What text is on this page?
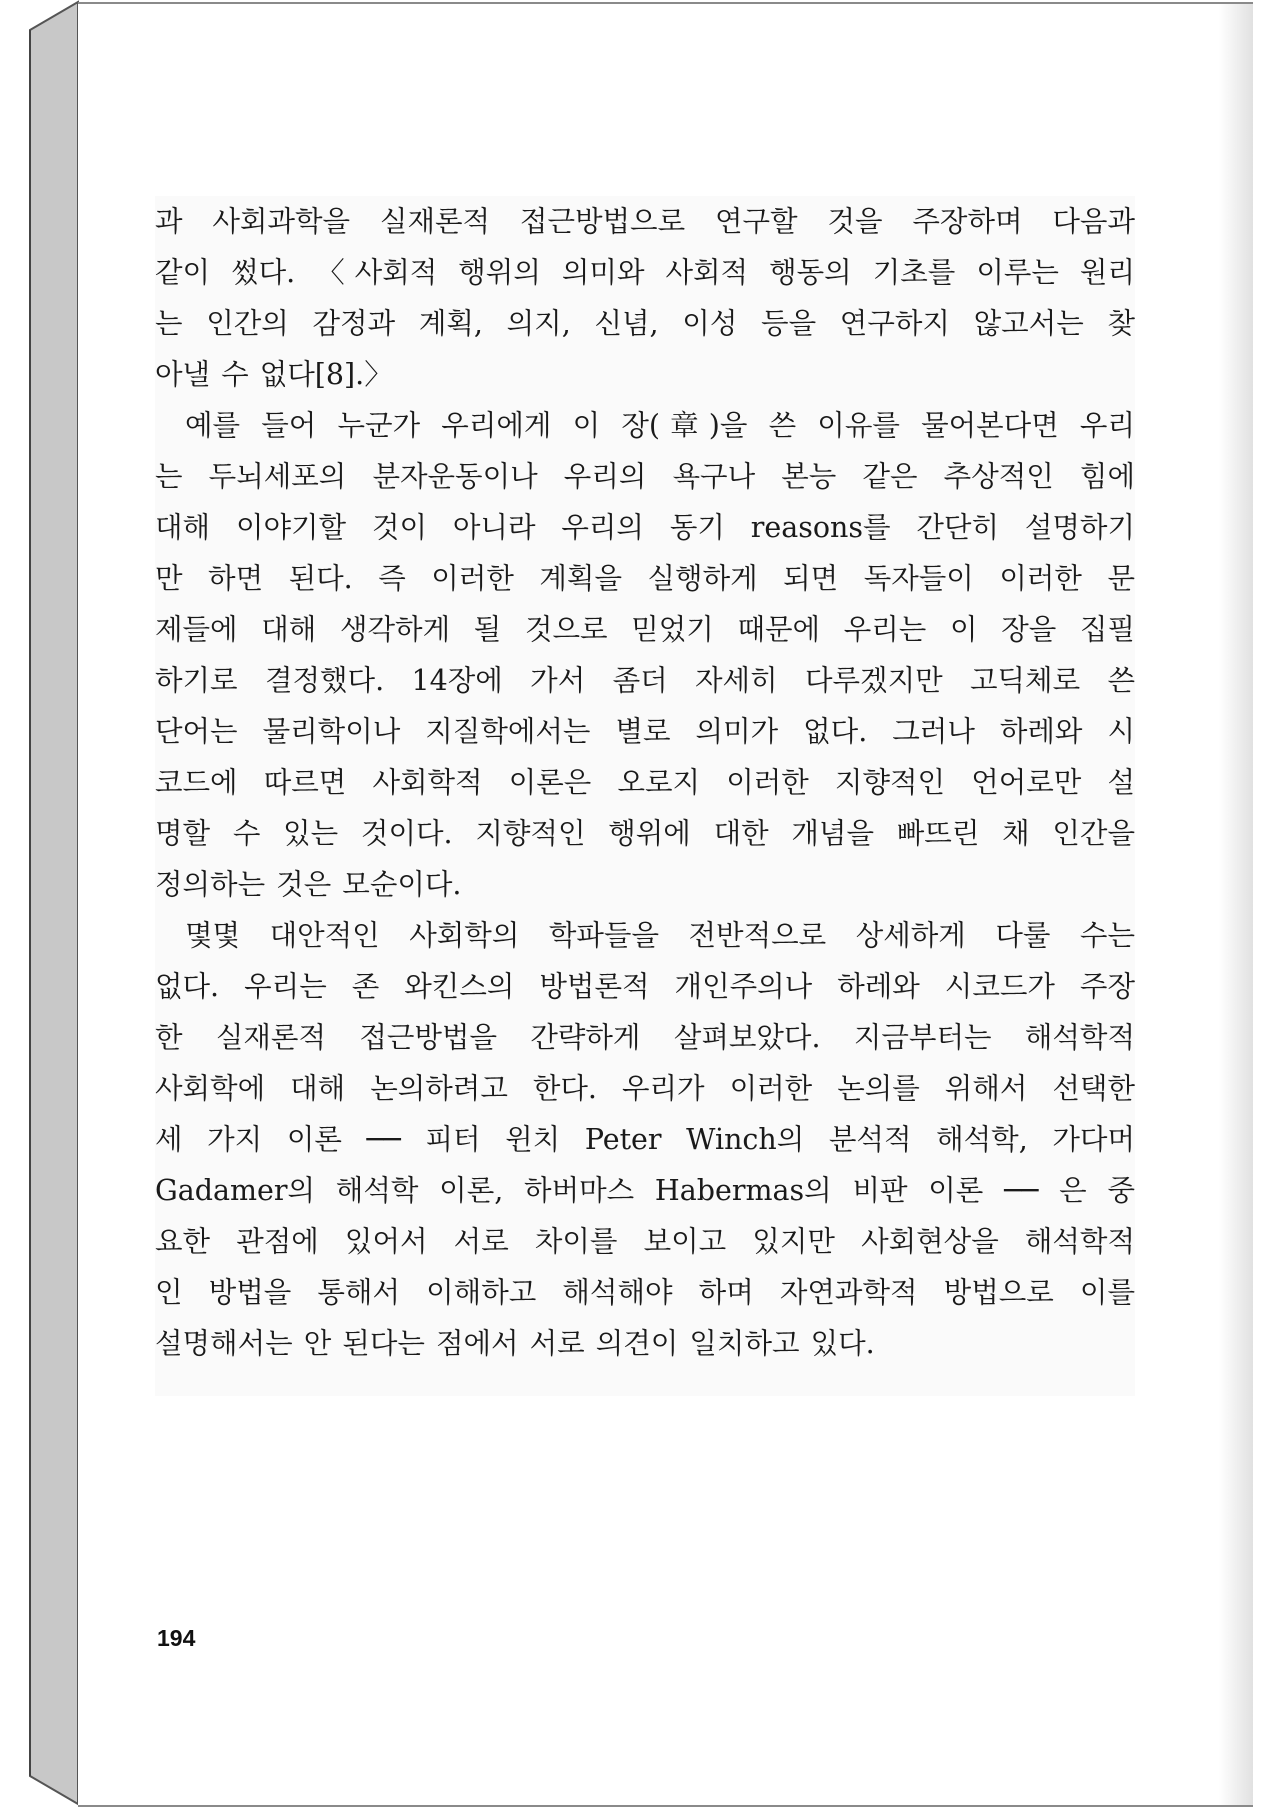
과 사회과학을 실재론적 접근방법으로 연구할 것을 주장하며 다음과
같이 썼다. 〈사회적 행위의 의미와 사회적 행동의 기초를 이루는 원리
는 인간의 감정과 계획, 의지, 신념, 이성 등을 연구하지 않고서는 찾
아낼 수 없다[8].〉
예를 들어 누군가 우리에게 이 장(章)을 쓴 이유를 물어본다면 우리
는 두뇌세포의 분자운동이나 우리의 욕구나 본능 같은 추상적인 힘에
대해 이야기할 것이 아니라 우리의 동기 reasons를 간단히 설명하기
만 하면 된다. 즉 이러한 계획을 실행하게 되면 독자들이 이러한 문
제들에 대해 생각하게 될 것으로 믿었기 때문에 우리는 이 장을 집필
하기로 결정했다. 14장에 가서 좀더 자세히 다루겠지만 고딕체로 쓴
단어는 물리학이나 지질학에서는 별로 의미가 없다. 그러나 하레와 시
코드에 따르면 사회학적 이론은 오로지 이러한 지향적인 언어로만 설
명할 수 있는 것이다. 지향적인 행위에 대한 개념을 빠뜨린 채 인간을
정의하는 것은 모순이다.
몇몇 대안적인 사회학의 학파들을 전반적으로 상세하게 다룰 수는
없다. 우리는 존 와킨스의 방법론적 개인주의나 하레와 시코드가 주장
한 실재론적 접근방법을 간략하게 살펴보았다. 지금부터는 해석학적
사회학에 대해 논의하려고 한다. 우리가 이러한 논의를 위해서 선택한
세 가지 이론 ── 피터 윈치 Peter Winch의 분석적 해석학, 가다머
Gadamer의 해석학 이론, 하버마스 Habermas의 비판 이론 ── 은 중
요한 관점에 있어서 서로 차이를 보이고 있지만 사회현상을 해석학적
인 방법을 통해서 이해하고 해석해야 하며 자연과학적 방법으로 이를
설명해서는 안 된다는 점에서 서로 의견이 일치하고 있다.
194
